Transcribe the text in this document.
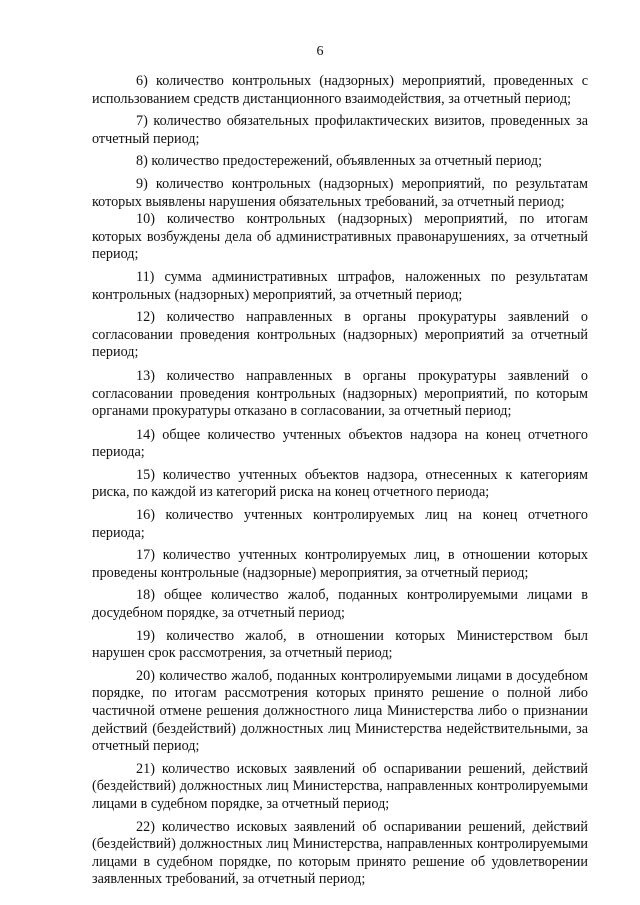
6

6) количество контрольных (надзорных) мероприятий, проведенных с использованием средств дистанционного взаимодействия, за отчетный период;

7) количество обязательных профилактических визитов, проведенных за отчетный период;

8) количество предостережений, объявленных за отчетный период;

9) количество контрольных (надзорных) мероприятий, по результатам которых выявлены нарушения обязательных требований, за отчетный период;

10) количество контрольных (надзорных) мероприятий, по итогам которых возбуждены дела об административных правонарушениях, за отчетный период;

11) сумма административных штрафов, наложенных по результатам контрольных (надзорных) мероприятий, за отчетный период;

12) количество направленных в органы прокуратуры заявлений о согласовании проведения контрольных (надзорных) мероприятий за отчетный период;

13) количество направленных в органы прокуратуры заявлений о согласовании проведения контрольных (надзорных) мероприятий, по которым органами прокуратуры отказано в согласовании, за отчетный период;

14) общее количество учтенных объектов надзора на конец отчетного периода;

15) количество учтенных объектов надзора, отнесенных к категориям риска, по каждой из категорий риска на конец отчетного периода;

16) количество учтенных контролируемых лиц на конец отчетного периода;

17) количество учтенных контролируемых лиц, в отношении которых проведены контрольные (надзорные) мероприятия, за отчетный период;

18) общее количество жалоб, поданных контролируемыми лицами в досудебном порядке, за отчетный период;

19) количество жалоб, в отношении которых Министерством был нарушен срок рассмотрения, за отчетный период;

20) количество жалоб, поданных контролируемыми лицами в досудебном порядке, по итогам рассмотрения которых принято решение о полной либо частичной отмене решения должностного лица Министерства либо о признании действий (бездействий) должностных лиц Министерства недействительными, за отчетный период;

21) количество исковых заявлений об оспаривании решений, действий (бездействий) должностных лиц Министерства, направленных контролируемыми лицами в судебном порядке, за отчетный период;

22) количество исковых заявлений об оспаривании решений, действий (бездействий) должностных лиц Министерства, направленных контролируемыми лицами в судебном порядке, по которым принято решение об удовлетворении заявленных требований, за отчетный период;
